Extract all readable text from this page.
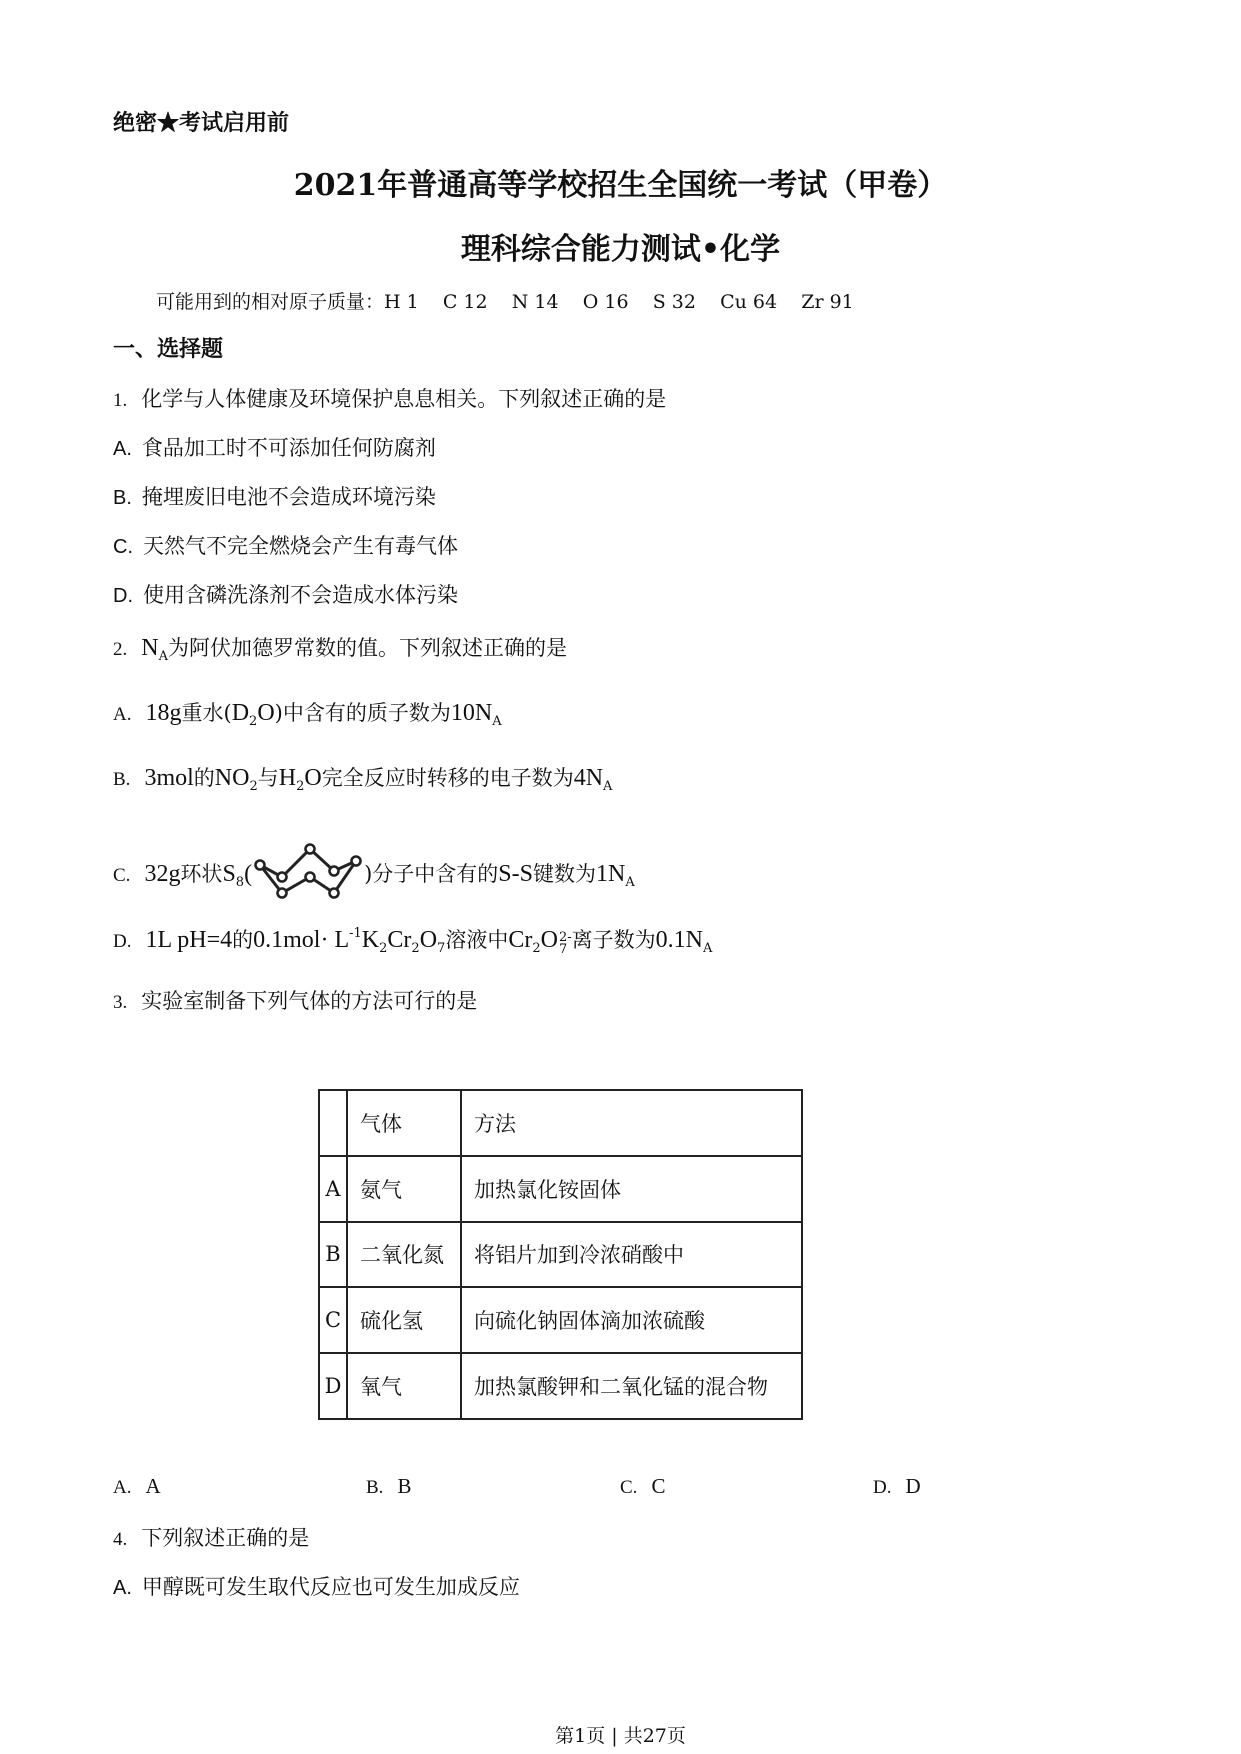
绝密★考试启用前
2021年普通高等学校招生全国统一考试（甲卷）
理科综合能力测试•化学
可能用到的相对原子质量：H 1    C 12    N 14    O 16    S 32    Cu 64    Zr 91
一、选择题
1. 化学与人体健康及环境保护息息相关。下列叙述正确的是
A. 食品加工时不可添加任何防腐剂
B. 掩埋废旧电池不会造成环境污染
C. 天然气不完全燃烧会产生有毒气体
D. 使用含磷洗涤剂不会造成水体污染
2. $N_A$为阿伏加德罗常数的值。下列叙述正确的是
A. 18g重水$(D_2O)$中含有的质子数为$10N_A$
B. 3mol的$NO_2$与$H_2O$完全反应时转移的电子数为$4N_A$
C. 32g环状$S_8$(	)分子中含有的S-S键数为$1N_A$
D. 1L pH=4的$0.1mol\cdot L^{-1}K_2Cr_2O_7$溶液中$Cr_2O$ 2-
7 离子数为$0.1N_A$
3. 实验室制备下列气体的方法可行的是
	气体	方法
A	氨气	加热氯化铵固体
B	二氧化氮	将铝片加到冷浓硝酸中
C	硫化氢	向硫化钠固体滴加浓硫酸
D	氧气	加热氯酸钾和二氧化锰的混合物
A. A	B. B	C. C	D. D
4. 下列叙述正确的是
A. 甲醇既可发生取代反应也可发生加成反应
第1页 | 共27页
